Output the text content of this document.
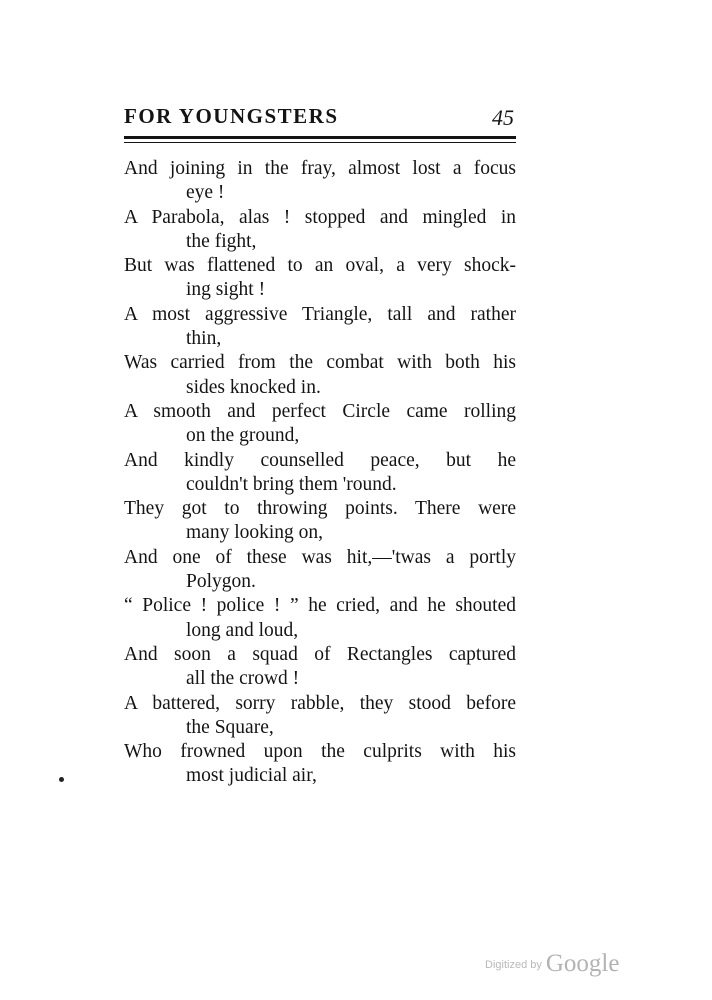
FOR YOUNGSTERS	45
And joining in the fray, almost lost a focus
eye !
A Parabola, alas ! stopped and mingled in
the fight,
But was flattened to an oval, a very shock-
ing sight !
A most aggressive Triangle, tall and rather
thin,
Was carried from the combat with both his
sides knocked in.
A smooth and perfect Circle came rolling
on the ground,
And kindly counselled peace, but he
couldn't bring them 'round.
They got to throwing points. There were
many looking on,
And one of these was hit,—'twas a portly
Polygon.
“ Police ! police ! ” he cried, and he shouted
long and loud,
And soon a squad of Rectangles captured
all the crowd !
A battered, sorry rabble, they stood before
the Square,
Who frowned upon the culprits with his
most judicial air,
Digitized by Google
